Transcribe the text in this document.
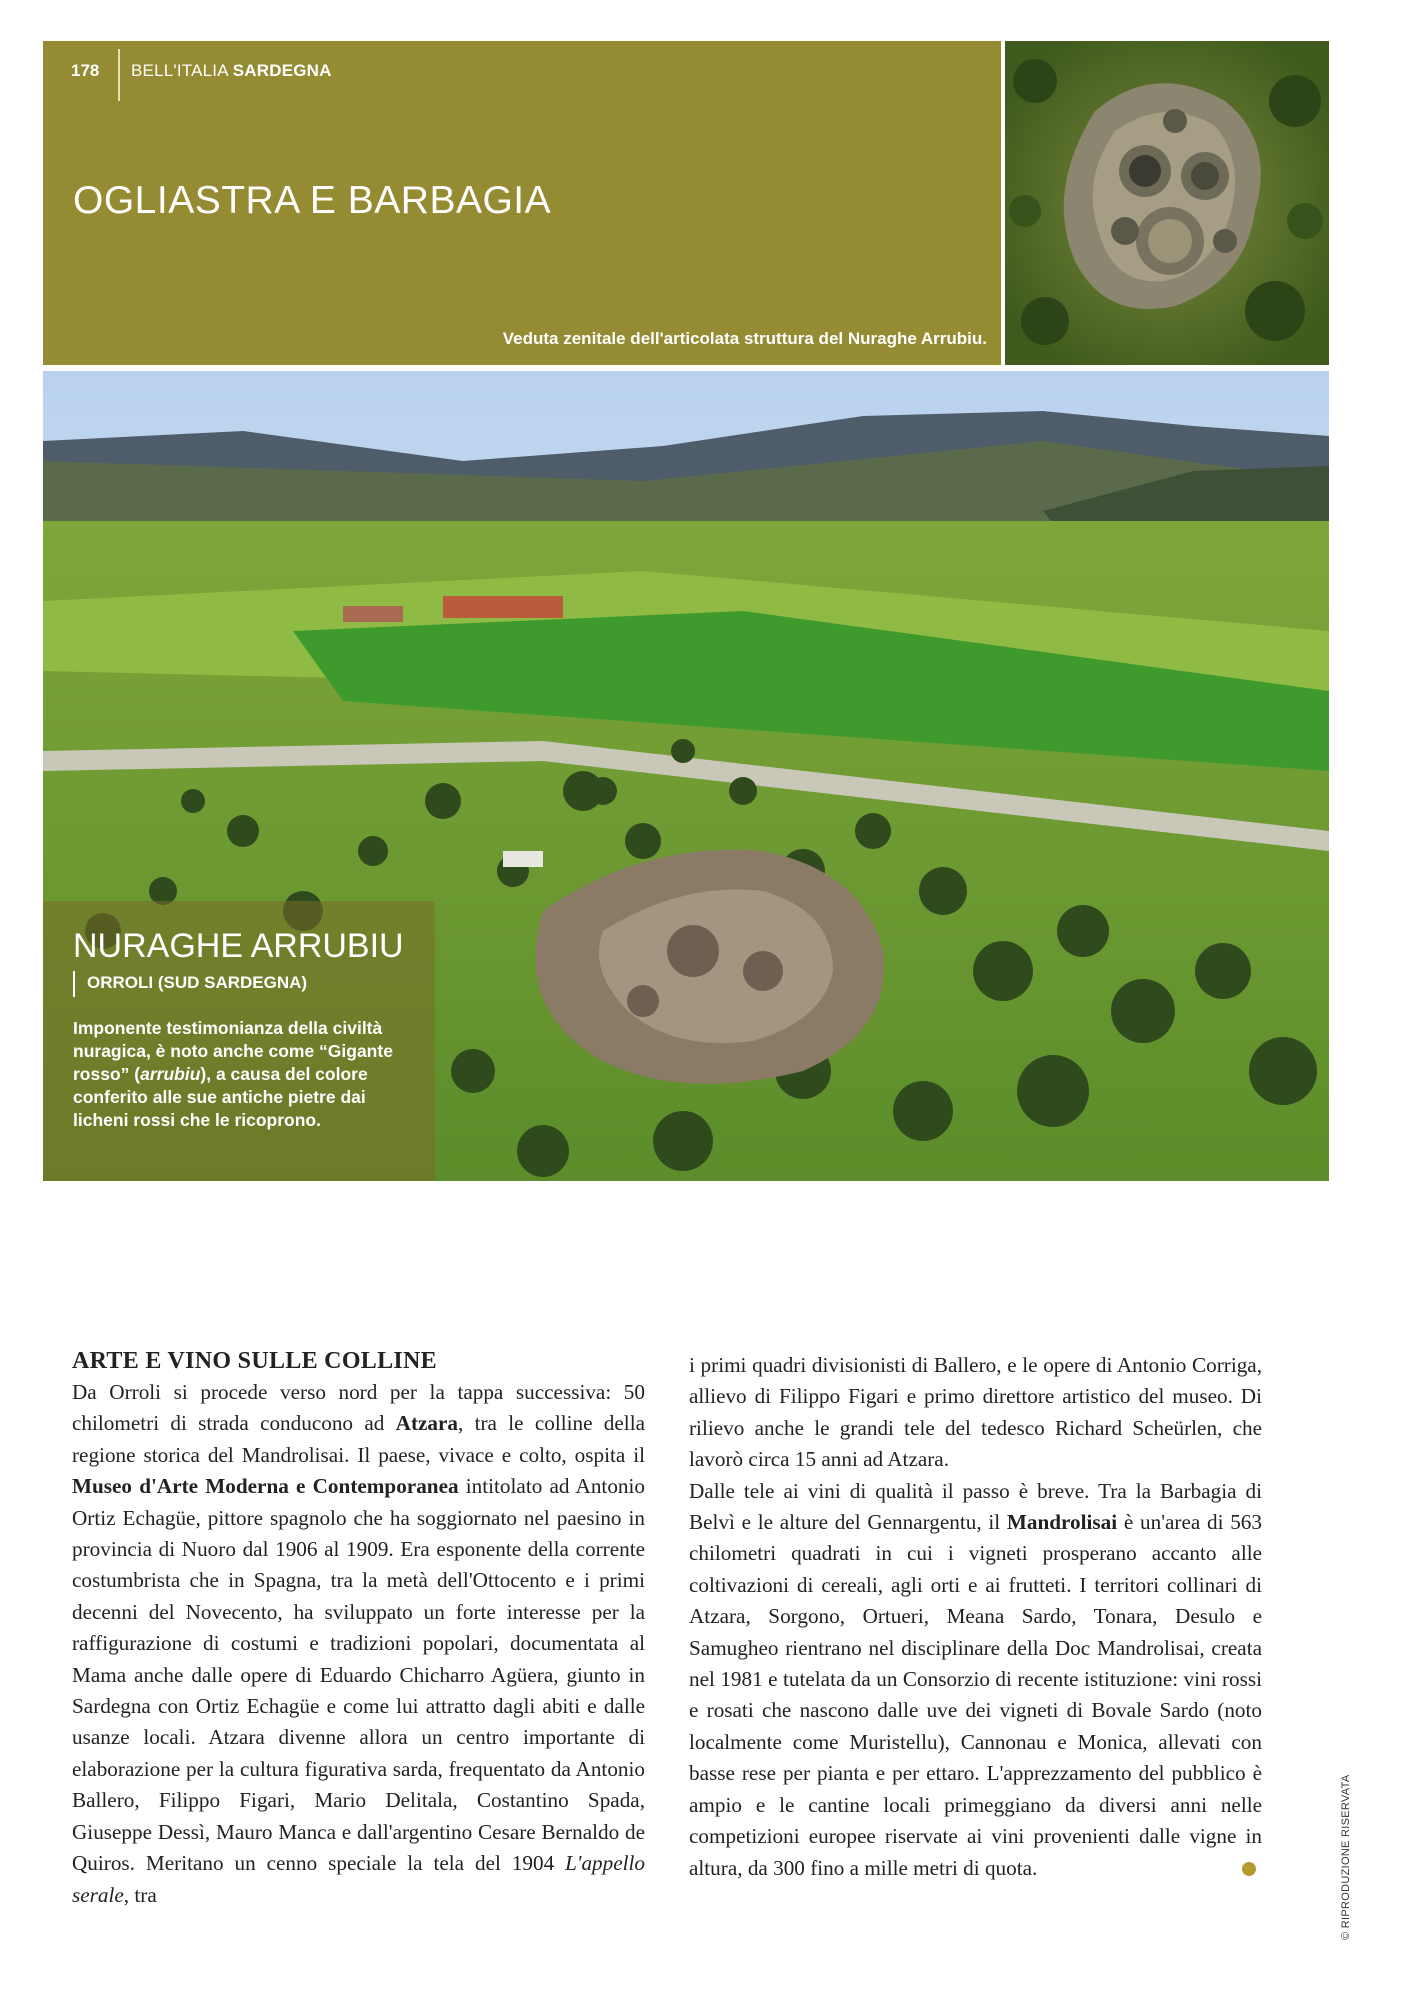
178 BELL'ITALIA SARDEGNA
OGLIASTRA E BARBAGIA
Veduta zenitale dell'articolata struttura del Nuraghe Arrubiu.
NURAGHE ARRUBIU
ORROLI (SUD SARDEGNA)
Imponente testimonianza della civiltà nuragica, è noto anche come “Gigante rosso” (arrubiu), a causa del colore conferito alle sue antiche pietre dai licheni rossi che le ricoprono.
ARTE E VINO SULLE COLLINE

Da Orroli si procede verso nord per la tappa successiva: 50 chilometri di strada conducono ad Atzara, tra le colline della regione storica del Mandrolisai. Il paese, vivace e colto, ospita il Museo d'Arte Moderna e Contemporanea intitolato ad Antonio Ortiz Echagüe, pittore spagnolo che ha soggiornato nel paesino in provincia di Nuoro dal 1906 al 1909. Era esponente della corrente costumbrista che in Spagna, tra la metà dell'Ottocento e i primi decenni del Novecento, ha sviluppato un forte interesse per la raffigurazione di costumi e tradizioni popolari, documentata al Mama anche dalle opere di Eduardo Chicharro Agüera, giunto in Sardegna con Ortiz Echagüe e come lui attratto dagli abiti e dalle usanze locali. Atzara divenne allora un centro importante di elaborazione per la cultura figurativa sarda, frequentato da Antonio Ballero, Filippo Figari, Mario Delitala, Costantino Spada, Giuseppe Dessì, Mauro Manca e dall'argentino Cesare Bernaldo de Quiros. Meritano un cenno speciale la tela del 1904 L'appello serale, tra

i primi quadri divisionisti di Ballero, e le opere di Antonio Corriga, allievo di Filippo Figari e primo direttore artistico del museo. Di rilievo anche le grandi tele del tedesco Richard Scheürlen, che lavorò circa 15 anni ad Atzara.

Dalle tele ai vini di qualità il passo è breve. Tra la Barbagia di Belvì e le alture del Gennargentu, il Mandrolisai è un'area di 563 chilometri quadrati in cui i vigneti prosperano accanto alle coltivazioni di cereali, agli orti e ai frutteti. I territori collinari di Atzara, Sorgono, Ortueri, Meana Sardo, Tonara, Desulo e Samugheo rientrano nel disciplinare della Doc Mandrolisai, creata nel 1981 e tutelata da un Consorzio di recente istituzione: vini rossi e rosati che nascono dalle uve dei vigneti di Bovale Sardo (noto localmente come Muristellu), Cannonau e Monica, allevati con basse rese per pianta e per ettaro. L'apprezzamento del pubblico è ampio e le cantine locali primeggiano da diversi anni nelle competizioni europee riservate ai vini provenienti dalle vigne in altura, da 300 fino a mille metri di quota.	© RIPRODUZIONE RISERVATA
